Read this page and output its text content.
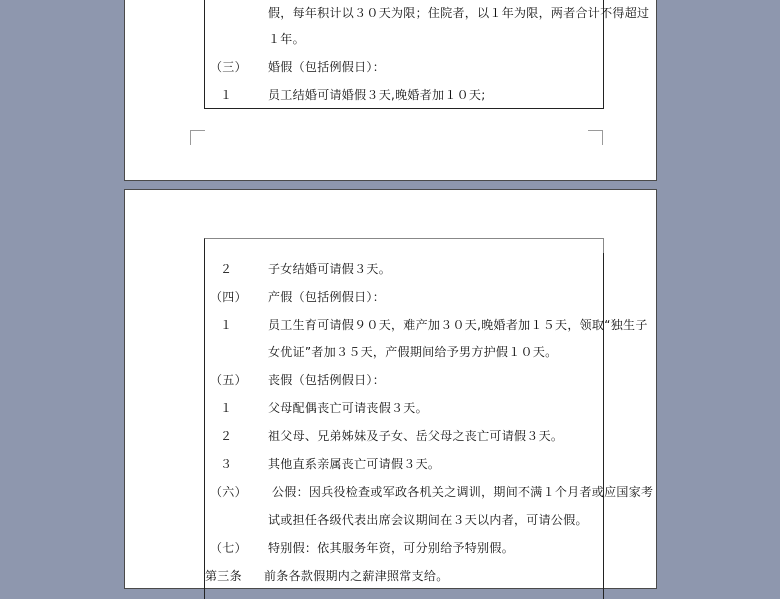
假，每年积计以３０天为限；住院者，以１年为限，两者合计不得超过
１年。
（三） 婚假（包括例假日）：
１	员工结婚可请婚假３天,晚婚者加１０天;
２	子女结婚可请假３天。
（四） 产假（包括例假日）：
１	员工生育可请假９０天，难产加３０天,晚婚者加１５天，领取“独生子
女优证”者加３５天，产假期间给予男方护假１０天。
（五） 丧假（包括例假日）：
１	父母配偶丧亡可请丧假３天。
２	祖父母、兄弟姊妹及子女、岳父母之丧亡可请假３天。
３	其他直系亲属丧亡可请假３天。
（六） 公假：因兵役检查或军政各机关之调训，期间不满１个月者或应国家考
试或担任各级代表出席会议期间在３天以内者，可请公假。
（七） 特别假：依其服务年资，可分别给予特别假。
第三条 前条各款假期内之薪津照常支给。
